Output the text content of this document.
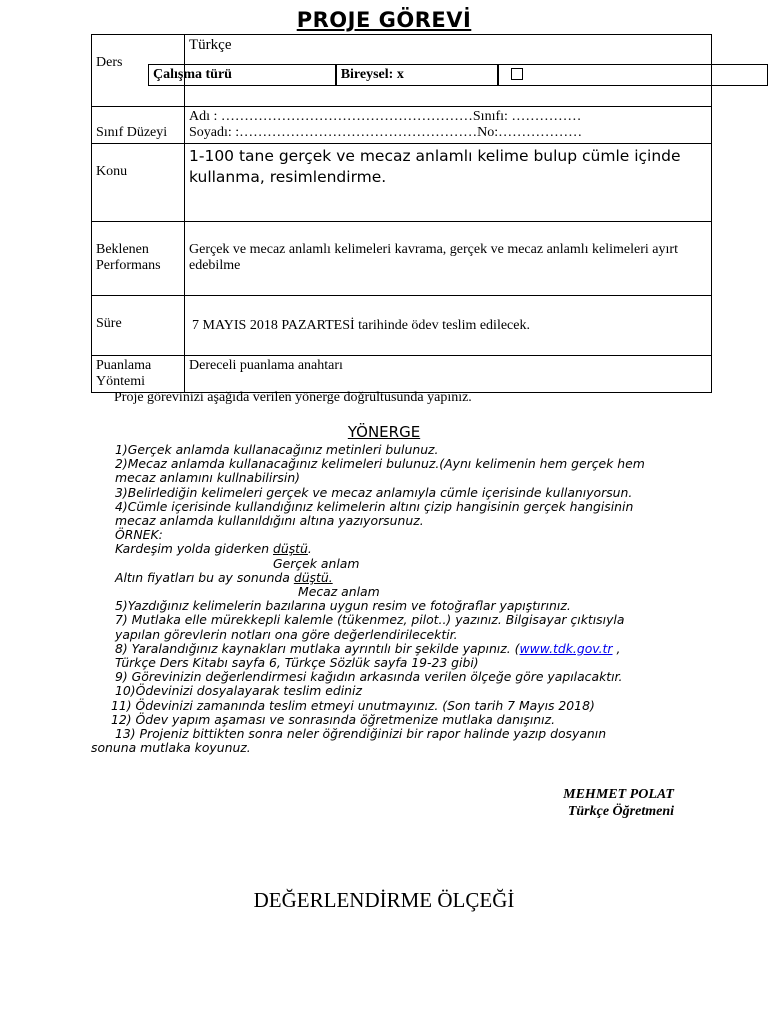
PROJE GÖREVİ
Ders	Türkçe

Sınıf Düzeyi	Adı : ………………………………………………Sınıfı: ……………
Soyadı: :……………………………………………No:………………

Konu	1-100 tane gerçek ve mecaz anlamlı kelime bulup cümle içinde kullanma, resimlendirme.

Beklenen Performans	Gerçek ve mecaz anlamlı kelimeleri kavrama, gerçek ve mecaz anlamlı kelimeleri ayırt edebilme

Süre	7 MAYIS 2018 PAZARTESİ tarihinde ödev teslim edilecek.

Puanlama Yöntemi	Dereceli puanlama anahtarı
Çalışma türü	Bireysel: x
Proje görevinizi aşağıda verilen yönerge doğrultusunda yapınız.
YÖNERGE
1)Gerçek anlamda kullanacağınız metinleri bulunuz.
2)Mecaz anlamda kullanacağınız kelimeleri bulunuz.(Aynı kelimenin hem gerçek hem
mecaz anlamını kullnabilirsin)
3)Belirlediğin kelimeleri gerçek ve mecaz anlamıyla cümle içerisinde kullanıyorsun.
4)Cümle içerisinde kullandığınız kelimelerin altını çizip hangisinin gerçek hangisinin
mecaz anlamda kullanıldığını altına yazıyorsunuz.
ÖRNEK:
Kardeşim yolda giderken düştü.
Gerçek anlam
Altın fiyatları bu ay sonunda düştü.
Mecaz anlam
5)Yazdığınız kelimelerin bazılarına uygun resim ve fotoğraflar yapıştırınız.
7) Mutlaka elle mürekkepli kalemle (tükenmez, pilot..) yazınız. Bilgisayar çıktısıyla
yapılan görevlerin notları ona göre değerlendirilecektir.
8) Yaralandığınız kaynakları mutlaka ayrıntılı bir şekilde yapınız. (www.tdk.gov.tr ,
Türkçe Ders Kitabı sayfa 6, Türkçe Sözlük sayfa 19-23 gibi)
9) Görevinizin değerlendirmesi kağıdın arkasında verilen ölçeğe göre yapılacaktır.
10)Ödevinizi dosyalayarak teslim ediniz
11) Ödevinizi zamanında teslim etmeyi unutmayınız. (Son tarih 7 Mayıs 2018)
12) Ödev yapım aşaması ve sonrasında öğretmenize mutlaka danışınız.
13) Projeniz bittikten sonra neler öğrendiğinizi bir rapor halinde yazıp dosyanın
sonuna mutlaka koyunuz.
MEHMET POLAT
Türkçe Öğretmeni
DEĞERLENDİRME ÖLÇEĞİ
